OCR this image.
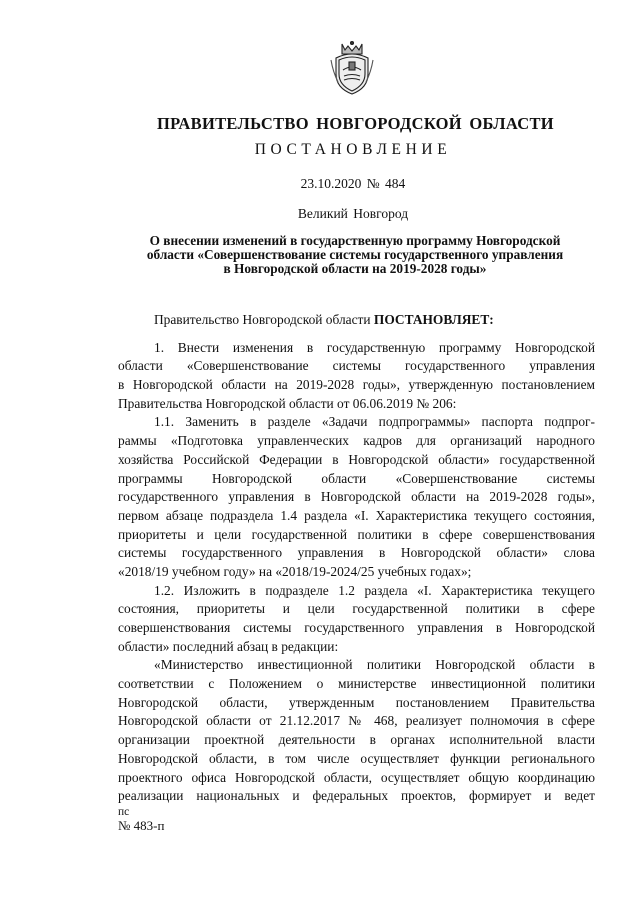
ПРАВИТЕЛЬСТВО НОВГОРОДСКОЙ ОБЛАСТИ
ПОСТАНОВЛЕНИЕ
23.10.2020 № 484
Великий Новгород
О внесении изменений в государственную программу Новгородской
области «Совершенствование системы государственного управления
в Новгородской области на 2019-2028 годы»
Правительство Новгородской области ПОСТАНОВЛЯЕТ:
1. Внести изменения в государственную программу Новгородской
области «Совершенствование системы государственного управления
в Новгородской области на 2019-2028 годы», утвержденную постановлением
Правительства Новгородской области от 06.06.2019 № 206:
1.1. Заменить в разделе «Задачи подпрограммы» паспорта подпрог-
раммы «Подготовка управленческих кадров для организаций народного
хозяйства Российской Федерации в Новгородской области» государственной
программы Новгородской области «Совершенствование системы
государственного управления в Новгородской области на 2019-2028 годы»,
первом абзаце подраздела 1.4 раздела «I. Характеристика текущего состояния,
приоритеты и цели государственной политики в сфере совершенствования
системы государственного управления в Новгородской области» слова
«2018/19 учебном году» на «2018/19-2024/25 учебных годах»;
1.2. Изложить в подразделе 1.2 раздела «I. Характеристика текущего
состояния, приоритеты и цели государственной политики в сфере
совершенствования системы государственного управления в Новгородской
области» последний абзац в редакции:
«Министерство инвестиционной политики Новгородской области в
соответствии с Положением о министерстве инвестиционной политики
Новгородской области, утвержденным постановлением Правительства
Новгородской области от 21.12.2017 № 468, реализует полномочия в сфере
организации проектной деятельности в органах исполнительной власти
Новгородской области, в том числе осуществляет функции регионального
проектного офиса Новгородской области, осуществляет общую координацию
реализации национальных и федеральных проектов, формирует и ведет
пс
№ 483-п
